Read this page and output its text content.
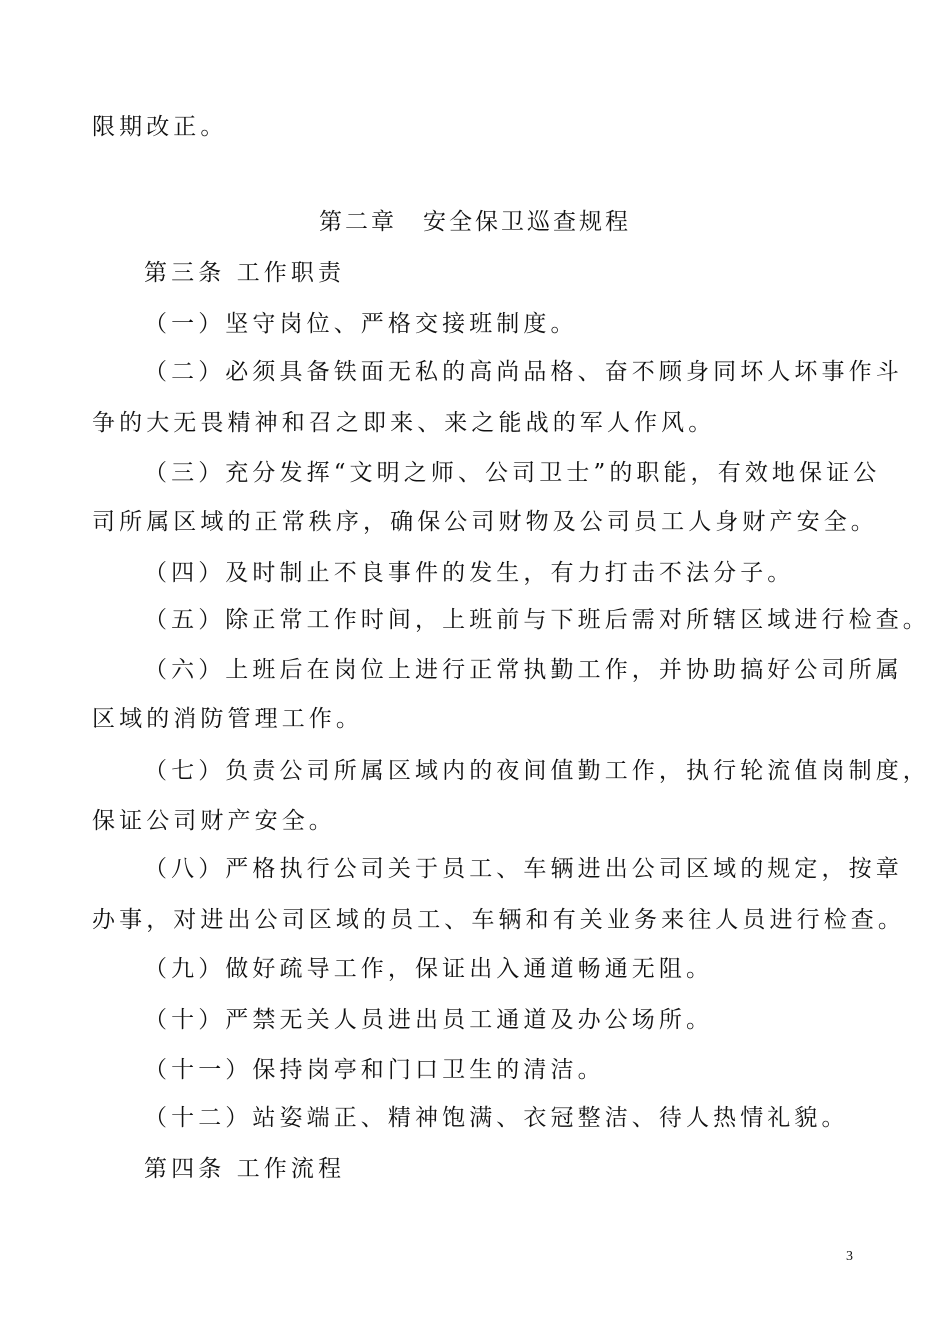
限期改正。
第二章　安全保卫巡查规程
第三条 工作职责
（一）坚守岗位、严格交接班制度。
（二）必须具备铁面无私的高尚品格、奋不顾身同坏人坏事作斗
争的大无畏精神和召之即来、来之能战的军人作风。
（三）充分发挥“文明之师、公司卫士”的职能，有效地保证公
司所属区域的正常秩序，确保公司财物及公司员工人身财产安全。
（四）及时制止不良事件的发生，有力打击不法分子。
（五）除正常工作时间，上班前与下班后需对所辖区域进行检查。
（六）上班后在岗位上进行正常执勤工作，并协助搞好公司所属
区域的消防管理工作。
（七）负责公司所属区域内的夜间值勤工作，执行轮流值岗制度，
保证公司财产安全。
（八）严格执行公司关于员工、车辆进出公司区域的规定，按章
办事，对进出公司区域的员工、车辆和有关业务来往人员进行检查。
（九）做好疏导工作，保证出入通道畅通无阻。
（十）严禁无关人员进出员工通道及办公场所。
（十一）保持岗亭和门口卫生的清洁。
（十二）站姿端正、精神饱满、衣冠整洁、待人热情礼貌。
第四条 工作流程
3
